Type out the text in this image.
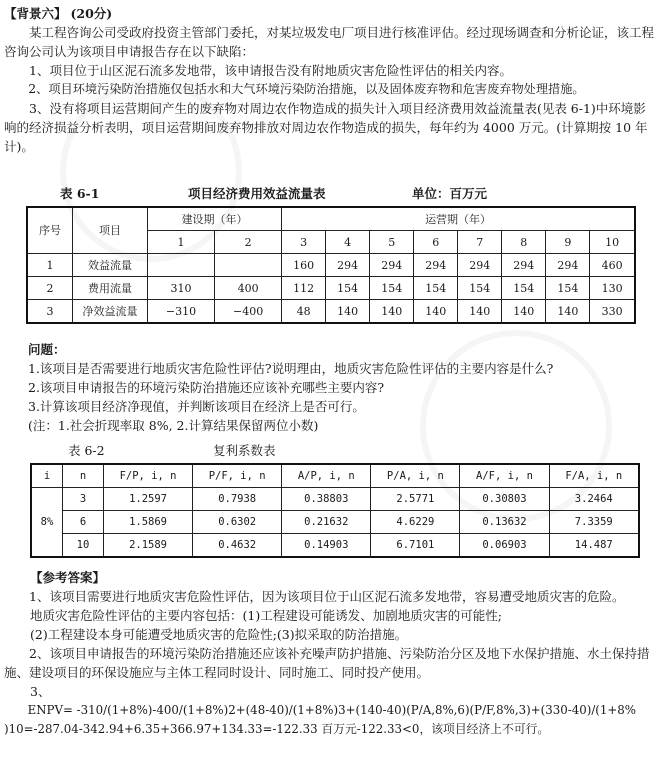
【背景六】 (20分)

某工程咨询公司受政府投资主管部门委托，对某垃圾发电厂项目进行核准评估。经过现场调查和分析论证，该工程咨询公司认为该项目申请报告存在以下缺陷：

1、项目位于山区泥石流多发地带，该申请报告没有附地质灾害危险性评估的相关内容。

2、项目环境污染防治措施仅包括水和大气环境污染防治措施，以及固体废弃物和危害废弃物处理措施。

3、没有将项目运营期间产生的废弃物对周边农作物造成的损失计入项目经济费用效益流量表(见表 6-1)中环境影响的经济损益分析表明，项目运营期间废弃物排放对周边农作物造成的损失，每年约为 4000 万元。(计算期按 10 年计)。

表 6-1	项目经济费用效益流量表	单位：百万元
序号	项目	建设期（年）		运营期（年）							
		1	2	3	4	5	6	7	8	9	10
1	效益流量			160	294	294	294	294	294	294	460
2	费用流量	310	400	112	154	154	154	154	154	154	130
3	净效益流量	−310	−400	48	140	140	140	140	140	140	330

问题：

1.该项目是否需要进行地质灾害危险性评估?说明理由，地质灾害危险性评估的主要内容是什么?

2.该项目申请报告的环境污染防治措施还应该补充哪些主要内容?

3.计算该项目经济净现值，并判断该项目在经济上是否可行。

(注：1.社会折现率取 8%, 2.计算结果保留两位小数)

表 6-2	复利系数表
i	n	F/P, i, n	P/F, i, n	A/P, i, n	P/A, i, n	A/F, i, n	F/A, i, n
8%	3	1.2597	0.7938	0.38803	2.5771	0.30803	3.2464
	6	1.5869	0.6302	0.21632	4.6229	0.13632	7.3359
	10	2.1589	0.4632	0.14903	6.7101	0.06903	14.487

【参考答案】

1、该项目需要进行地质灾害危险性评估，因为该项目位于山区泥石流多发地带，容易遭受地质灾害的危险。

地质灾害危险性评估的主要内容包括：(1)工程建设可能诱发、加剧地质灾害的可能性;

(2)工程建设本身可能遭受地质灾害的危险性;(3)拟采取的防治措施。

2、该项目申请报告的环境污染防治措施还应该补充噪声防护措施、污染防治分区及地下水保护措施、水土保持措施、建设项目的环保设施应与主体工程同时设计、同时施工、同时投产使用。

3、

ENPV= -310/(1+8%)-400/(1+8%)2+(48-40)/(1+8%)3+(140-40)(P/A,8%,6)(P/F,8%,3)+(330-40)/(1+8% )10=-287.04-342.94+6.35+366.97+134.33=-122.33 百万元-122.33<0，该项目经济上不可行。
